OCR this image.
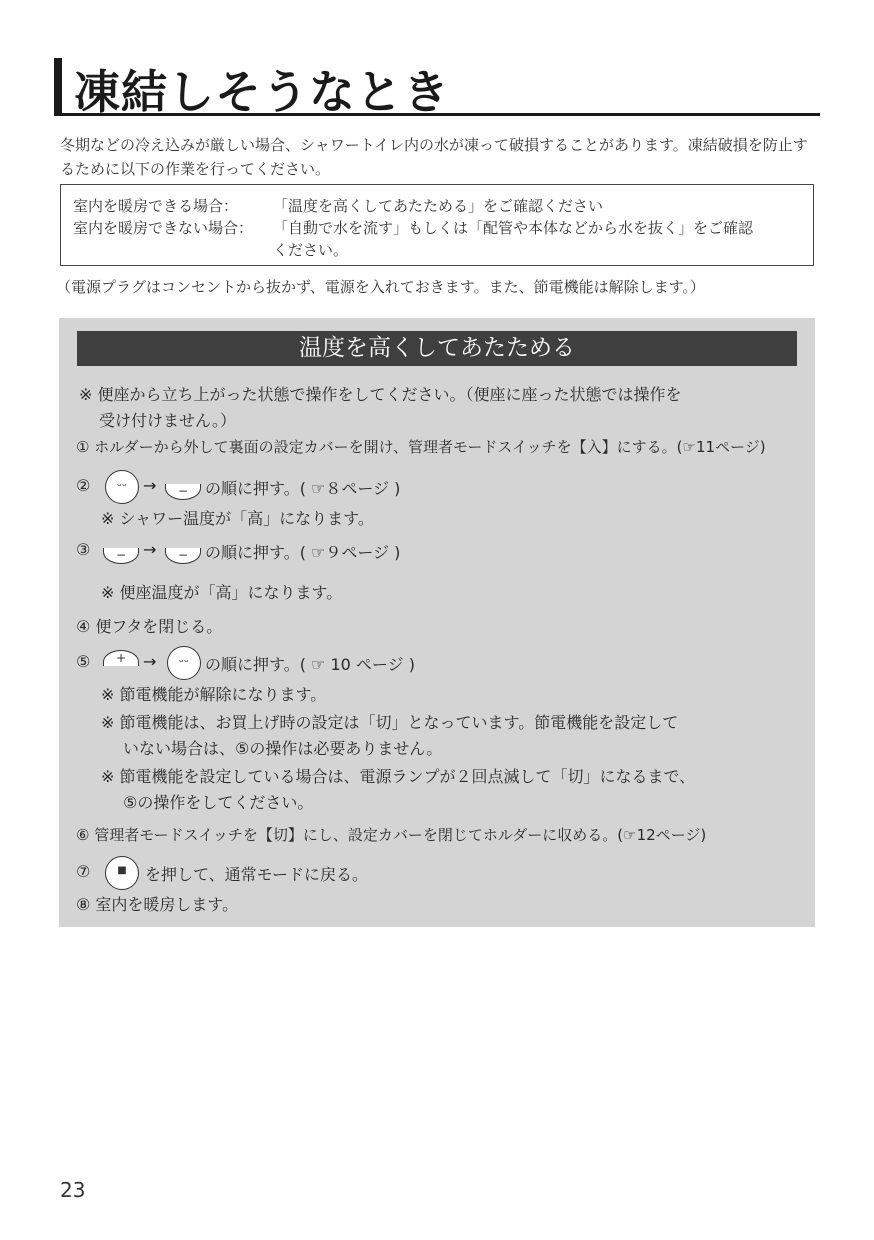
凍結しそうなとき
冬期などの冷え込みが厳しい場合、シャワートイレ内の水が凍って破損することがあります。凍結破損を防止するために以下の作業を行ってください。
室内を暖房できる場合： 「温度を高くしてあたためる」をご確認ください
室内を暖房できない場合： 「自動で水を流す」もしくは「配管や本体などから水を抜く」をご確認
ください。
（電源プラグはコンセントから抜かず、電源を入れておきます。また、節電機能は解除します。）
温度を高くしてあたためる
※ 便座から立ち上がった状態で操作をしてください。（便座に座った状態では操作を
受け付けません。）
① ホルダーから外して裏面の設定カバーを開け、管理者モードスイッチを【入】にする。(☞11ページ)
②	ᵕᵕ	→	−	の順に押す。( ☞８ページ )
※ シャワー温度が「高」になります。
③	−	→	−	の順に押す。( ☞９ページ )
※ 便座温度が「高」になります。
④ 便フタを閉じる。
⑤	+	→	ᵕᵕ	の順に押す。( ☞ 10 ページ )
※ 節電機能が解除になります。
※ 節電機能は、お買上げ時の設定は「切」となっています。節電機能を設定して
いない場合は、⑤の操作は必要ありません。
※ 節電機能を設定している場合は、電源ランプが２回点滅して「切」になるまで、
⑤の操作をしてください。
⑥ 管理者モードスイッチを【切】にし、設定カバーを閉じてホルダーに収める。(☞12ページ)
⑦	■	を押して、通常モードに戻る。
⑧ 室内を暖房します。
23
